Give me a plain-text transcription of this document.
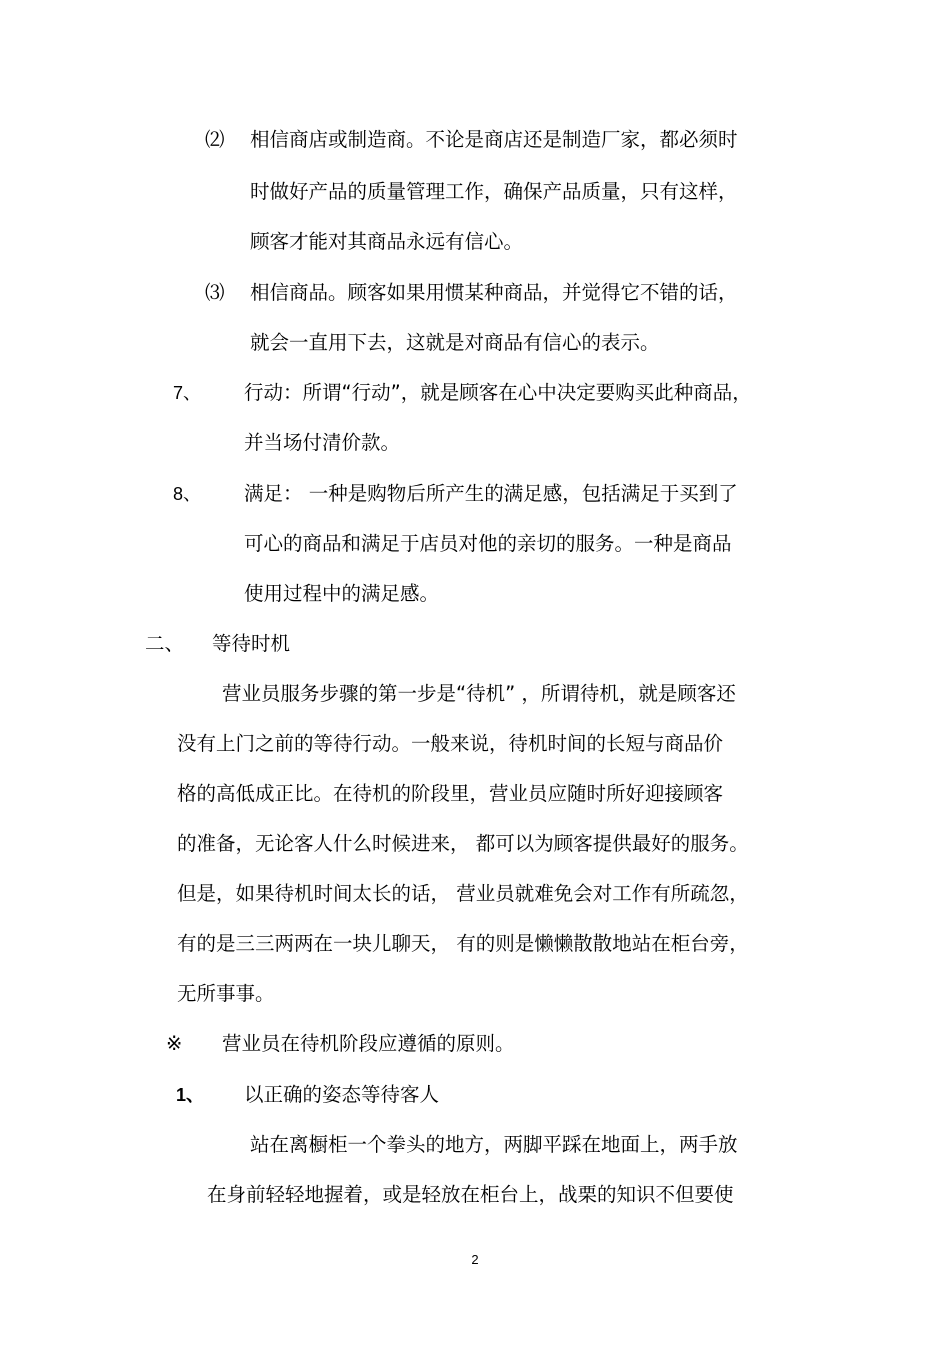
⑵ 相信商店或制造商。不论是商店还是制造厂家，都必须时
时做好产品的质量管理工作，确保产品质量，只有这样，
顾客才能对其商品永远有信心。
⑶ 相信商品。顾客如果用惯某种商品，并觉得它不错的话，
就会一直用下去，这就是对商品有信心的表示。
7、 行动：所谓“行动”，就是顾客在心中决定要购买此种商品，
并当场付清价款。
8、 满足： 一种是购物后所产生的满足感，包括满足于买到了
可心的商品和满足于店员对他的亲切的服务。一种是商品
使用过程中的满足感。
二、 等待时机
营业员服务步骤的第一步是“待机” ，所谓待机，就是顾客还
没有上门之前的等待行动。一般来说，待机时间的长短与商品价
格的高低成正比。在待机的阶段里，营业员应随时所好迎接顾客
的准备，无论客人什么时候进来， 都可以为顾客提供最好的服务。
但是，如果待机时间太长的话， 营业员就难免会对工作有所疏忽，
有的是三三两两在一块儿聊天， 有的则是懒懒散散地站在柜台旁，
无所事事。
※ 营业员在待机阶段应遵循的原则。
1、 以正确的姿态等待客人
站在离橱柜一个拳头的地方，两脚平踩在地面上，两手放
在身前轻轻地握着，或是轻放在柜台上，战栗的知识不但要使
2
